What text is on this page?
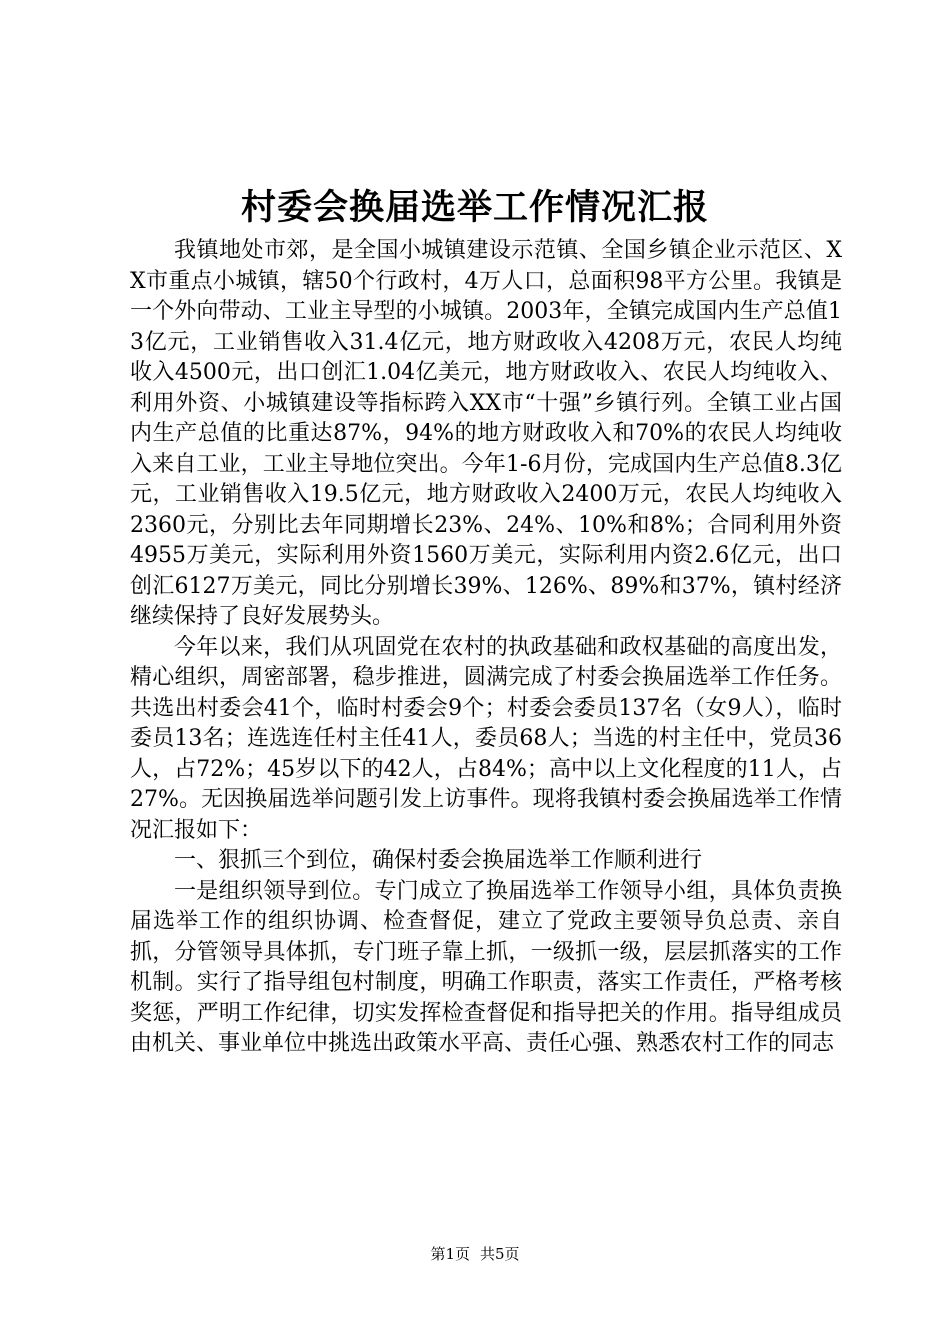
村委会换届选举工作情况汇报

我镇地处市郊，是全国小城镇建设示范镇、全国乡镇企业示范区、XX市重点小城镇，辖50个行政村，4万人口，总面积98平方公里。我镇是一个外向带动、工业主导型的小城镇。2003年，全镇完成国内生产总值13亿元，工业销售收入31.4亿元，地方财政收入4208万元，农民人均纯收入4500元，出口创汇1.04亿美元，地方财政收入、农民人均纯收入、利用外资、小城镇建设等指标跨入XX市“十强”乡镇行列。全镇工业占国内生产总值的比重达87%，94%的地方财政收入和70%的农民人均纯收入来自工业，工业主导地位突出。今年1-6月份，完成国内生产总值8.3亿元，工业销售收入19.5亿元，地方财政收入2400万元，农民人均纯收入2360元，分别比去年同期增长23%、24%、10%和8%；合同利用外资4955万美元，实际利用外资1560万美元，实际利用内资2.6亿元，出口创汇6127万美元，同比分别增长39%、126%、89%和37%，镇村经济继续保持了良好发展势头。

今年以来，我们从巩固党在农村的执政基础和政权基础的高度出发，精心组织，周密部署，稳步推进，圆满完成了村委会换届选举工作任务。共选出村委会41个，临时村委会9个；村委会委员137名（女9人），临时委员13名；连选连任村主任41人，委员68人；当选的村主任中，党员36人，占72%；45岁以下的42人，占84%；高中以上文化程度的11人，占27%。无因换届选举问题引发上访事件。现将我镇村委会换届选举工作情况汇报如下：

一、狠抓三个到位，确保村委会换届选举工作顺利进行

一是组织领导到位。专门成立了换届选举工作领导小组，具体负责换届选举工作的组织协调、检查督促，建立了党政主要领导负总责、亲自抓，分管领导具体抓，专门班子靠上抓，一级抓一级，层层抓落实的工作机制。实行了指导组包村制度，明确工作职责，落实工作责任，严格考核奖惩，严明工作纪律，切实发挥检查督促和指导把关的作用。指导组成员由机关、事业单位中挑选出政策水平高、责任心强、熟悉农村工作的同志

第1页 共5页
